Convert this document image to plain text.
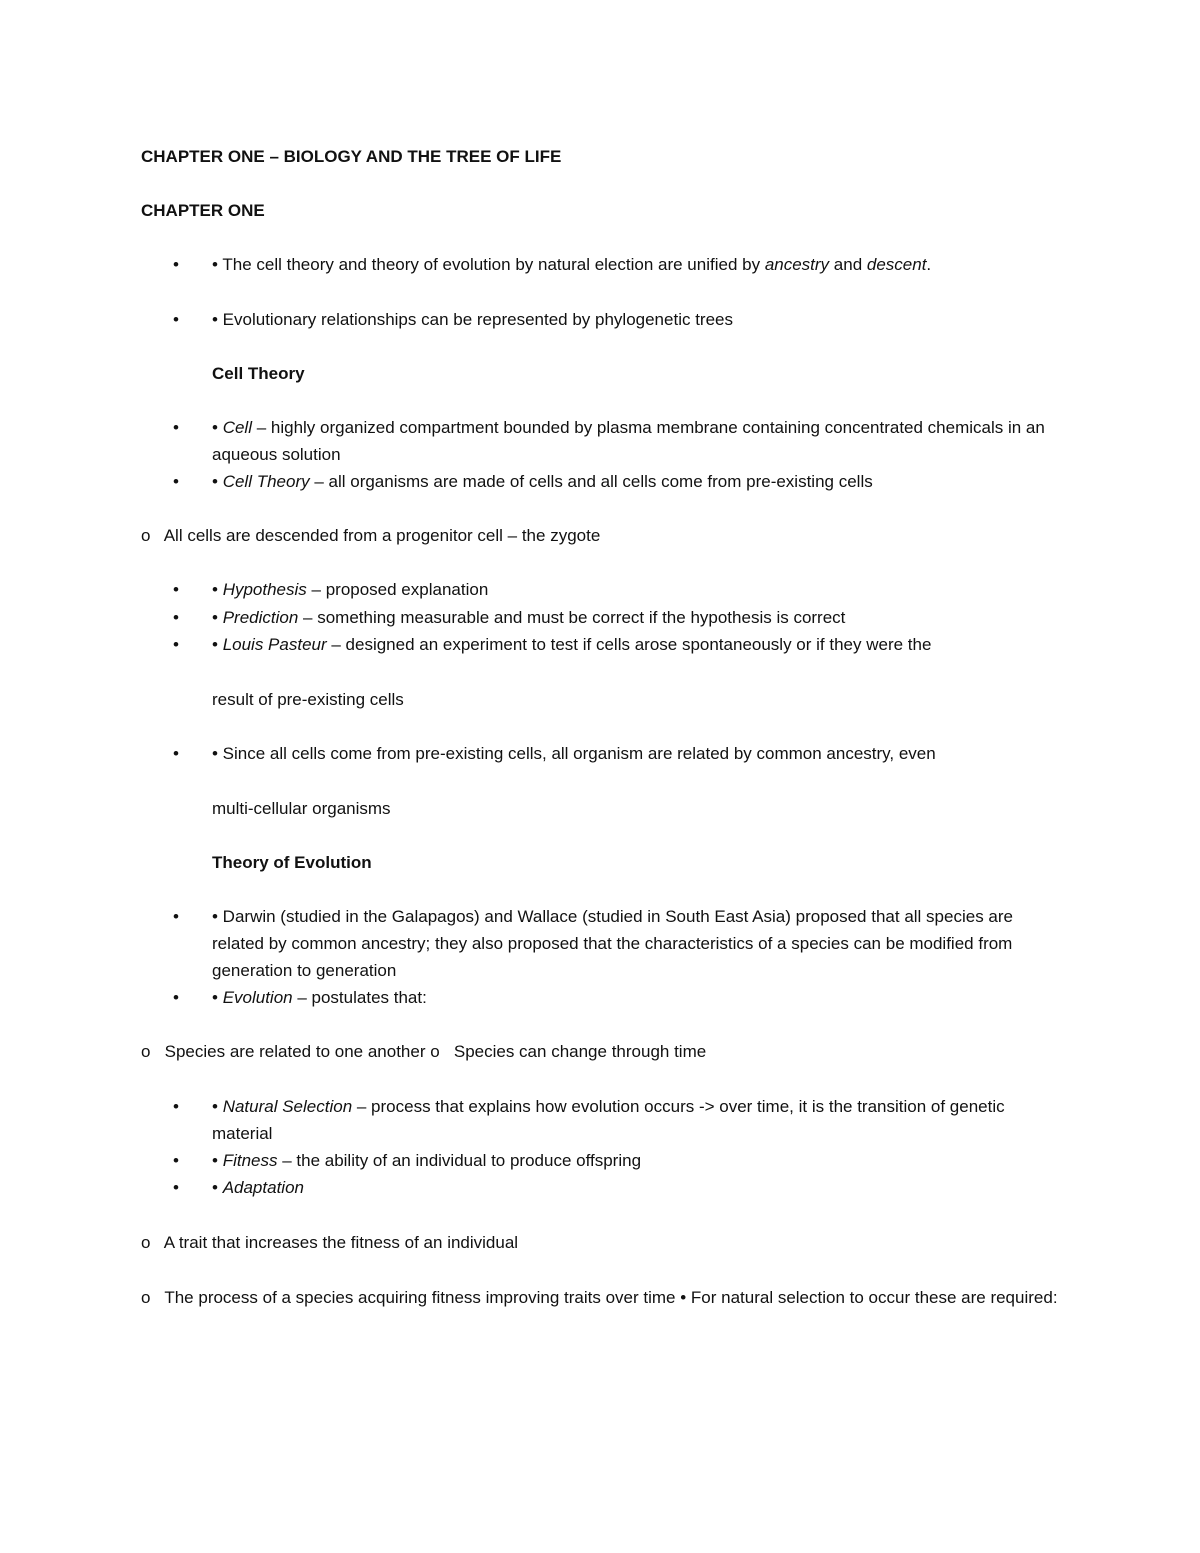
CHAPTER ONE – BIOLOGY AND THE TREE OF LIFE
CHAPTER ONE
•	• The cell theory and theory of evolution by natural election are unified by ancestry and descent.
•	• Evolutionary relationships can be represented by phylogenetic trees
Cell Theory
•	• Cell – highly organized compartment bounded by plasma membrane containing concentrated chemicals in an aqueous solution
•	• Cell Theory – all organisms are made of cells and all cells come from pre-existing cells
o All cells are descended from a progenitor cell – the zygote
•	• Hypothesis – proposed explanation
•	• Prediction – something measurable and must be correct if the hypothesis is correct
•	• Louis Pasteur – designed an experiment to test if cells arose spontaneously or if they were the
result of pre-existing cells
•	• Since all cells come from pre-existing cells, all organism are related by common ancestry, even
multi-cellular organisms
Theory of Evolution
•	• Darwin (studied in the Galapagos) and Wallace (studied in South East Asia) proposed that all species are related by common ancestry; they also proposed that the characteristics of a species can be modified from generation to generation
•	• Evolution – postulates that:
o Species are related to one another o Species can change through time
•	• Natural Selection – process that explains how evolution occurs -> over time, it is the transition of genetic material
•	• Fitness – the ability of an individual to produce offspring
•	• Adaptation
o A trait that increases the fitness of an individual
o The process of a species acquiring fitness improving traits over time • For natural selection to occur these are required:
